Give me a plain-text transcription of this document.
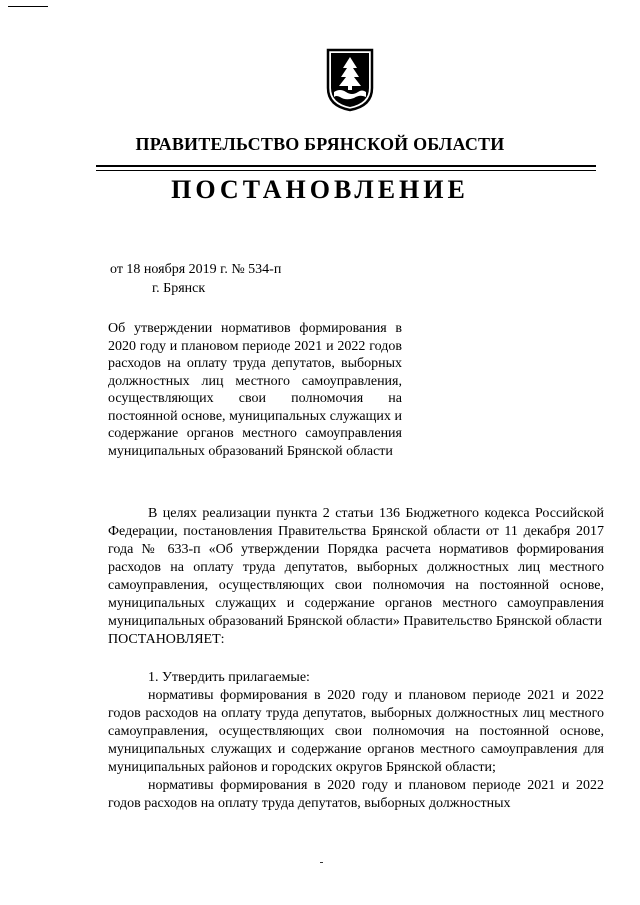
ПРАВИТЕЛЬСТВО БРЯНСКОЙ ОБЛАСТИ
ПОСТАНОВЛЕНИЕ
от 18 ноября 2019 г. № 534-п
г. Брянск
Об утверждении нормативов формирования в 2020 году и плановом периоде 2021 и 2022 годов расходов на оплату труда депутатов, выборных должностных лиц местного самоуправления, осуществляющих свои полномочия на постоянной основе, муниципальных служащих и содержание органов местного самоуправления муниципальных образований Брянской области

В целях реализации пункта 2 статьи 136 Бюджетного кодекса Российской Федерации, постановления Правительства Брянской области от 11 декабря 2017 года № 633-п «Об утверждении Порядка расчета нормативов формирования расходов на оплату труда депутатов, выборных должностных лиц местного самоуправления, осуществляющих свои полномочия на постоянной основе, муниципальных служащих и содержание органов местного самоуправления муниципальных образований Брянской области» Правительство Брянской области

ПОСТАНОВЛЯЕТ:

1. Утвердить прилагаемые:

нормативы формирования в 2020 году и плановом периоде 2021 и 2022 годов расходов на оплату труда депутатов, выборных должностных лиц местного самоуправления, осуществляющих свои полномочия на постоянной основе, муниципальных служащих и содержание органов местного самоуправления для муниципальных районов и городских округов Брянской области;

нормативы формирования в 2020 году и плановом периоде 2021 и 2022 годов расходов на оплату труда депутатов, выборных должностных
